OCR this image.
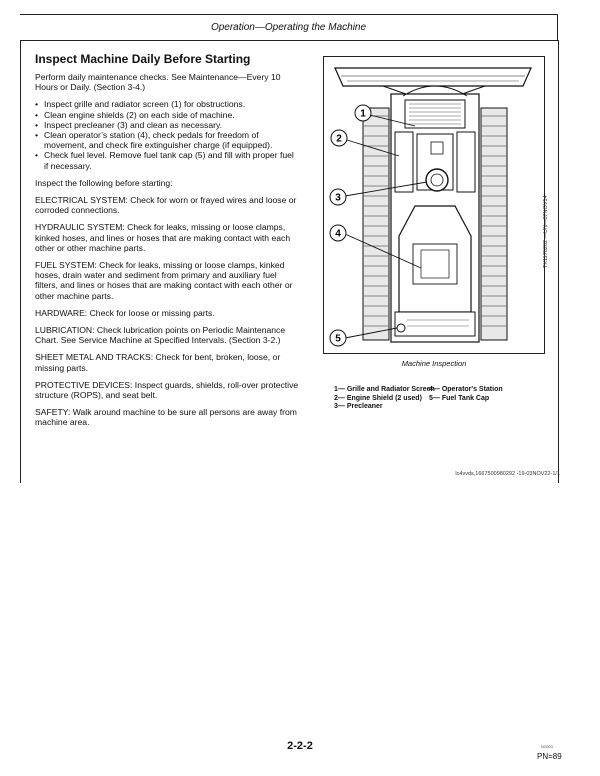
Operation—Operating the Machine
Inspect Machine Daily Before Starting

Perform daily maintenance checks. See Maintenance—Every 10 Hours or Daily. (Section 3-4.)

• Inspect grille and radiator screen (1) for obstructions.
• Clean engine shields (2) on each side of machine.
• Inspect precleaner (3) and clean as necessary.
• Clean operator’s station (4), check pedals for freedom of movement, and check fire extinguisher charge (if equipped).
• Check fuel level. Remove fuel tank cap (5) and fill with proper fuel if necessary.

Inspect the following before starting:

ELECTRICAL SYSTEM: Check for worn or frayed wires and loose or corroded connections.

HYDRAULIC SYSTEM: Check for leaks, missing or loose clamps, kinked hoses, and lines or hoses that are making contact with each other or other machine parts.

FUEL SYSTEM: Check for leaks, missing or loose clamps, kinked hoses, drain water and sediment from primary and auxiliary fuel filters, and lines or hoses that are making contact with each other or other machine parts.

HARDWARE: Check for loose or missing parts.

LUBRICATION: Check lubrication points on Periodic Maintenance Chart. See Service Machine at Specified Intervals. (Section 3-2.)

SHEET METAL AND TRACKS: Check for bent, broken, loose, or missing parts.

PROTECTIVE DEVICES: Inspect guards, shields, roll-over protective structure (ROPS), and seat belt.

SAFETY: Walk around machine to be sure all persons are away from machine area.

1
2
3
4
5
TX1176282 —UN—07NOV14
Machine Inspection
1— Grille and Radiator Screen
2— Engine Shield (2 used)
3— Precleaner
4— Operator's Station
5— Fuel Tank Cap
lc4vvds,1667500980292 -19-03NOV22-1/1
2-2-2	N2003
PN=89
